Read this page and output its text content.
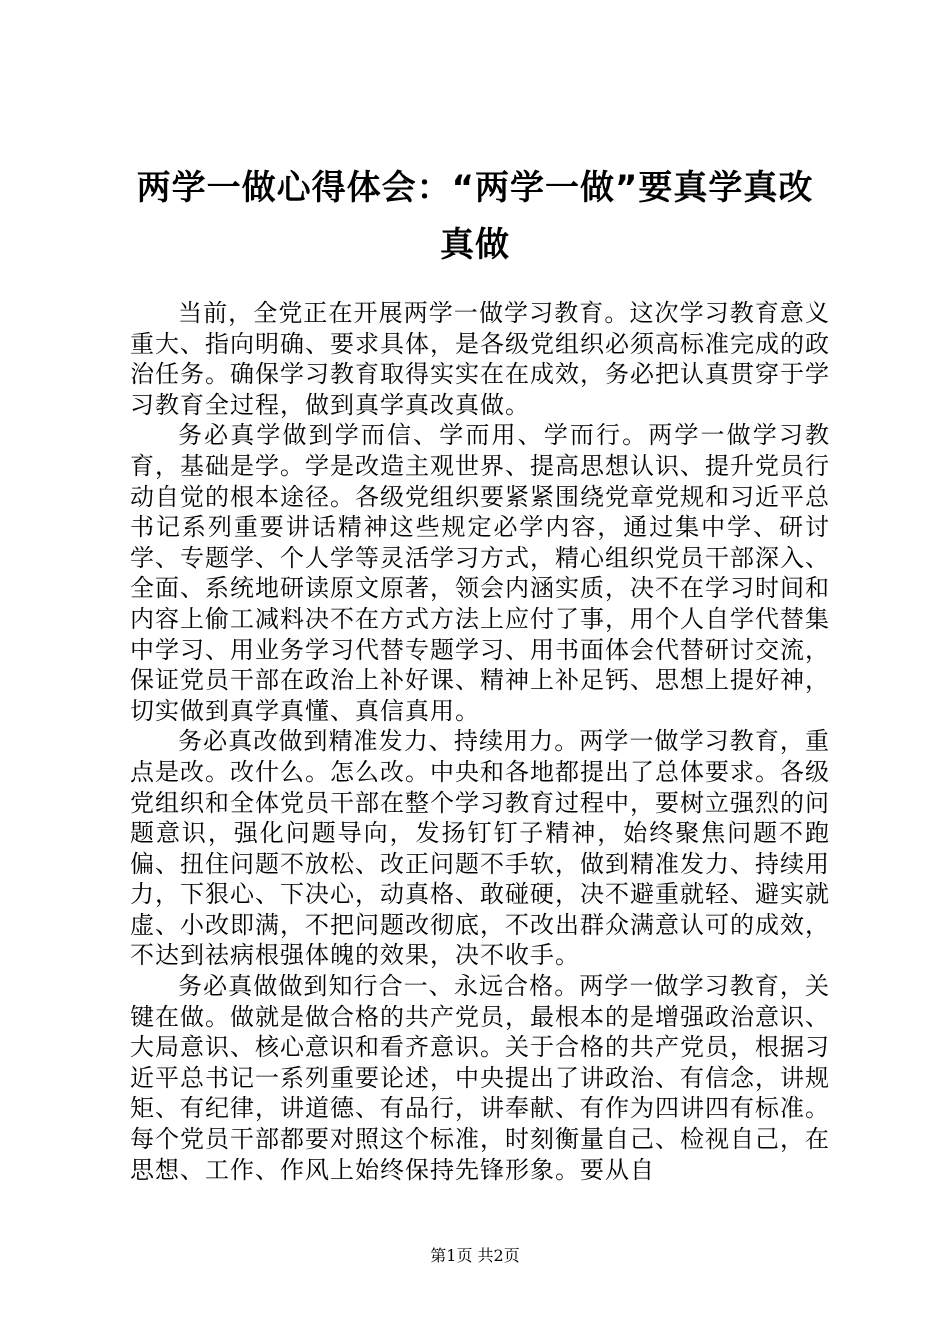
两学一做心得体会：“两学一做”要真学真改真做

当前，全党正在开展两学一做学习教育。这次学习教育意义重大、指向明确、要求具体，是各级党组织必须高标准完成的政治任务。确保学习教育取得实实在在成效，务必把认真贯穿于学习教育全过程，做到真学真改真做。

务必真学做到学而信、学而用、学而行。两学一做学习教育，基础是学。学是改造主观世界、提高思想认识、提升党员行动自觉的根本途径。各级党组织要紧紧围绕党章党规和习近平总书记系列重要讲话精神这些规定必学内容，通过集中学、研讨学、专题学、个人学等灵活学习方式，精心组织党员干部深入、全面、系统地研读原文原著，领会内涵实质，决不在学习时间和内容上偷工减料决不在方式方法上应付了事，用个人自学代替集中学习、用业务学习代替专题学习、用书面体会代替研讨交流，保证党员干部在政治上补好课、精神上补足钙、思想上提好神，切实做到真学真懂、真信真用。

务必真改做到精准发力、持续用力。两学一做学习教育，重点是改。改什么。怎么改。中央和各地都提出了总体要求。各级党组织和全体党员干部在整个学习教育过程中，要树立强烈的问题意识，强化问题导向，发扬钉钉子精神，始终聚焦问题不跑偏、扭住问题不放松、改正问题不手软，做到精准发力、持续用力，下狠心、下决心，动真格、敢碰硬，决不避重就轻、避实就虚、小改即满，不把问题改彻底，不改出群众满意认可的成效，不达到祛病根强体魄的效果，决不收手。

务必真做做到知行合一、永远合格。两学一做学习教育，关键在做。做就是做合格的共产党员，最根本的是增强政治意识、大局意识、核心意识和看齐意识。关于合格的共产党员，根据习近平总书记一系列重要论述，中央提出了讲政治、有信念，讲规矩、有纪律，讲道德、有品行，讲奉献、有作为四讲四有标准。每个党员干部都要对照这个标准，时刻衡量自己、检视自己，在思想、工作、作风上始终保持先锋形象。要从自

第1页 共2页
